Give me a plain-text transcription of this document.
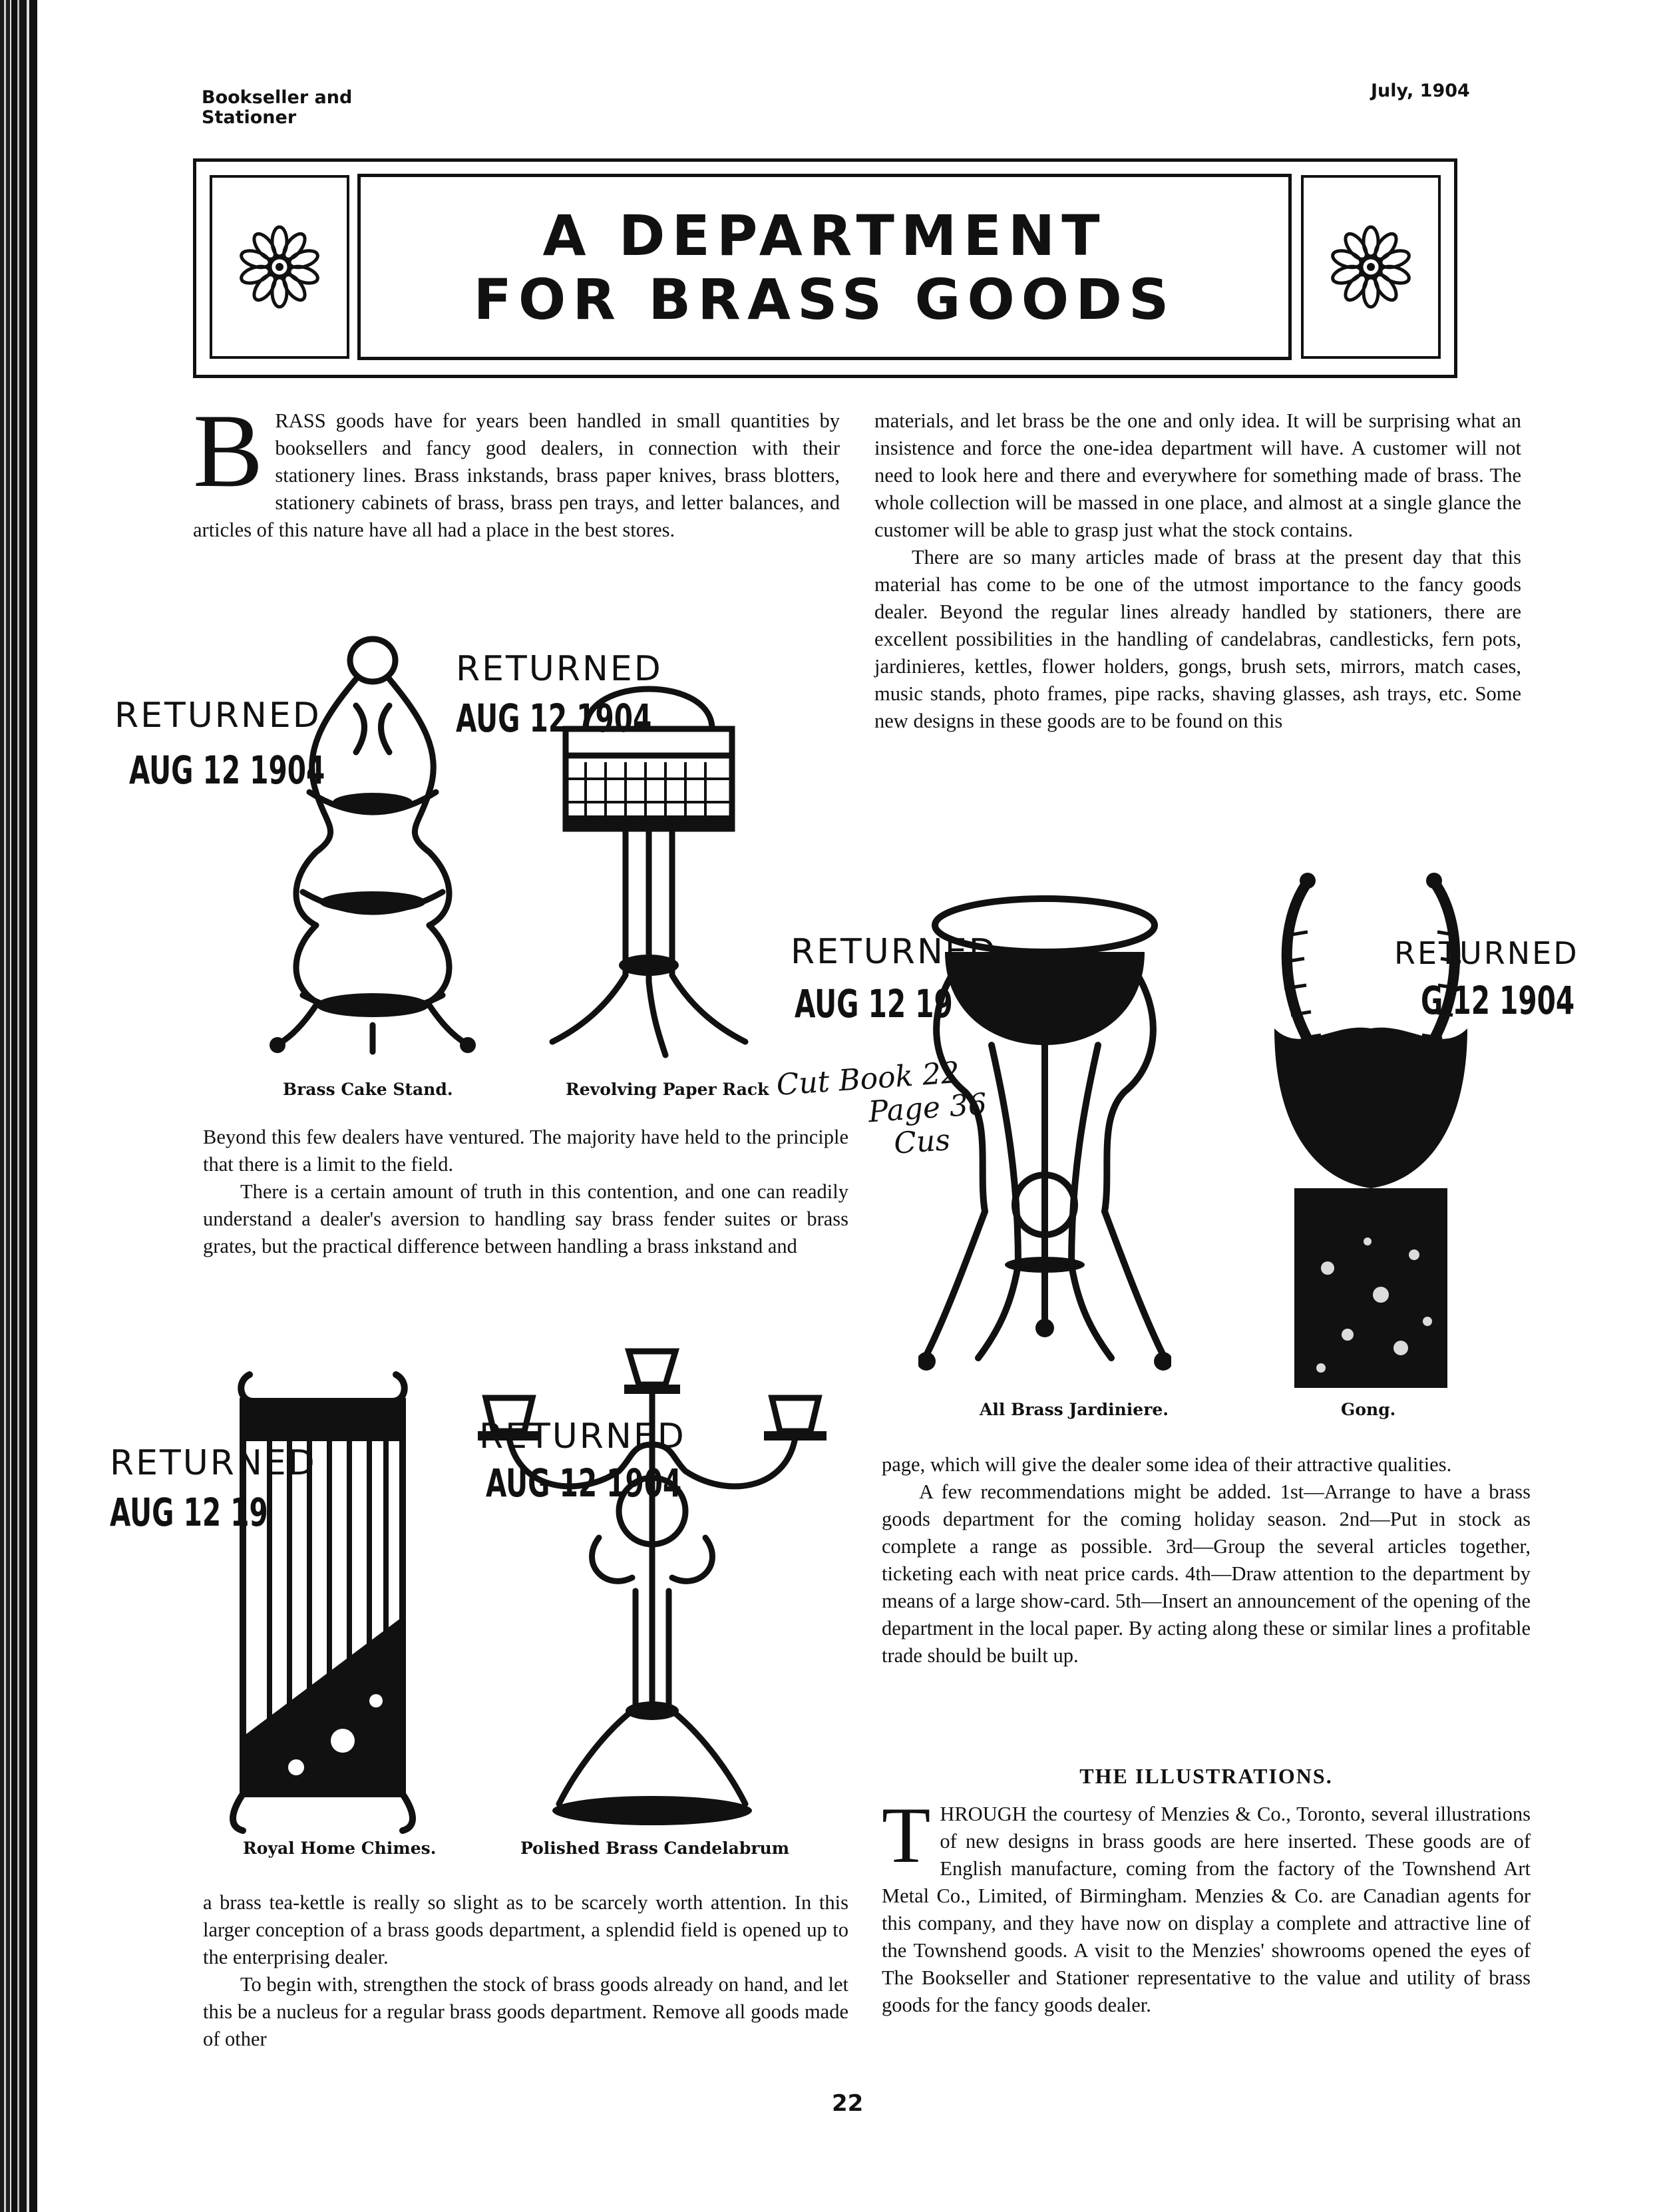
Bookseller and Stationer
July, 1904
A DEPARTMENT
FOR BRASS GOODS

BRASS goods have for years been handled in small quantities by booksellers and fancy good dealers, in connection with their stationery lines. Brass inkstands, brass paper knives, brass blotters, stationery cabinets of brass, brass pen trays, and letter balances, and articles of this nature have all had a place in the best stores.

materials, and let brass be the one and only idea. It will be surprising what an insistence and force the one-idea department will have. A customer will not need to look here and there and everywhere for something made of brass. The whole collection will be massed in one place, and almost at a single glance the customer will be able to grasp just what the stock contains.

There are so many articles made of brass at the present day that this material has come to be one of the utmost importance to the fancy goods dealer. Beyond the regular lines already handled by stationers, there are excellent possibilities in the handling of candelabras, candlesticks, fern pots, jardinieres, kettles, flower holders, gongs, brush sets, mirrors, match cases, music stands, photo frames, pipe racks, shaving glasses, ash trays, etc. Some new designs in these goods are to be found on this

Brass Cake Stand.	Revolving Paper Rack

Beyond this few dealers have ventured. The majority have held to the principle that there is a limit to the field.

There is a certain amount of truth in this contention, and one can readily understand a dealer's aversion to handling say brass fender suites or brass grates, but the practical difference between handling a brass inkstand and

All Brass Jardiniere.	Gong.

page, which will give the dealer some idea of their attractive qualities.

A few recommendations might be added. 1st—Arrange to have a brass goods department for the coming holiday season. 2nd—Put in stock as complete a range as possible. 3rd—Group the several articles together, ticketing each with neat price cards. 4th—Draw attention to the department by means of a large show-card. 5th—Insert an announcement of the opening of the department in the local paper. By acting along these or similar lines a profitable trade should be built up.

Royal Home Chimes.	Polished Brass Candelabrum
THE ILLUSTRATIONS.

THROUGH the courtesy of Menzies & Co., Toronto, several illustrations of new designs in brass goods are here inserted. These goods are of English manufacture, coming from the factory of the Townshend Art Metal Co., Limited, of Birmingham. Menzies & Co. are Canadian agents for this company, and they have now on display a complete and attractive line of the Townshend goods. A visit to the Menzies' showrooms opened the eyes of The Bookseller and Stationer representative to the value and utility of brass goods for the fancy goods dealer.

a brass tea-kettle is really so slight as to be scarcely worth attention. In this larger conception of a brass goods department, a splendid field is opened up to the enterprising dealer.

To begin with, strengthen the stock of brass goods already on hand, and let this be a nucleus for a regular brass goods department. Remove all goods made of other

22
RETURNED
AUG 12 1904
RETURNED
AUG 12 1904
RETURNED
AUG 12 19
RETURNED
G 12 1904
RETURNED
AUG 12 19
RETURNED
AUG 12 1904
Cut Book 22
Page 36
Cus
